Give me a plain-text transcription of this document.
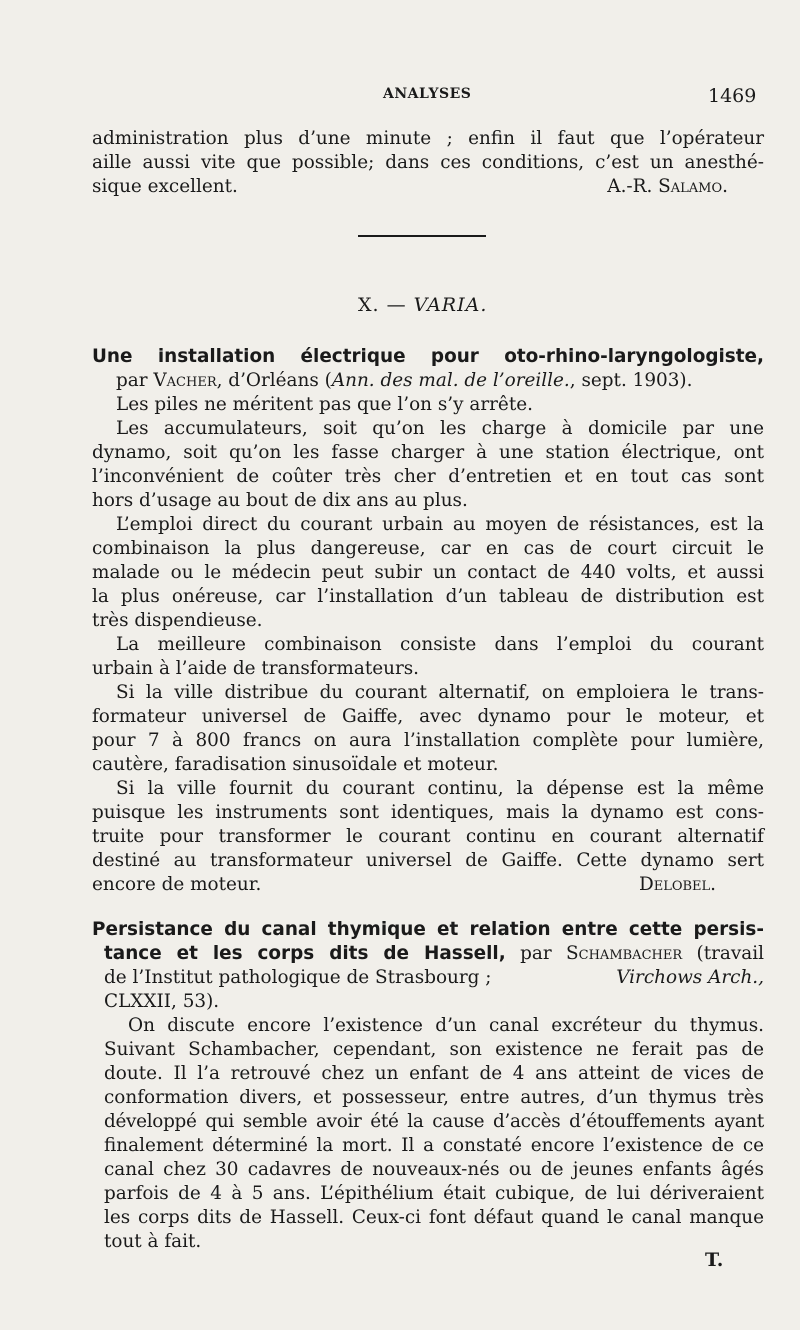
ANALYSES	1469

administration plus d’une minute ; enfin il faut que l’opérateur

aille aussi vite que possible; dans ces conditions, c’est un anesthé-

sique excellent.	A.-R. Salamo.
X. — VARIA.

Une installation électrique pour oto-rhino-laryngologiste,

par Vacher, d’Orléans (Ann. des mal. de l’oreille., sept. 1903).

Les piles ne méritent pas que l’on s’y arrête.

Les accumulateurs, soit qu’on les charge à domicile par une

dynamo, soit qu’on les fasse charger à une station électrique, ont

l’inconvénient de coûter très cher d’entretien et en tout cas sont

hors d’usage au bout de dix ans au plus.

L’emploi direct du courant urbain au moyen de résistances, est la

combinaison la plus dangereuse, car en cas de court circuit le

malade ou le médecin peut subir un contact de 440 volts, et aussi

la plus onéreuse, car l’installation d’un tableau de distribution est

très dispendieuse.

La meilleure combinaison consiste dans l’emploi du courant

urbain à l’aide de transformateurs.

Si la ville distribue du courant alternatif, on emploiera le trans-

formateur universel de Gaiffe, avec dynamo pour le moteur, et

pour 7 à 800 francs on aura l’installation complète pour lumière,

cautère, faradisation sinusoïdale et moteur.

Si la ville fournit du courant continu, la dépense est la même

puisque les instruments sont identiques, mais la dynamo est cons-

truite pour transformer le courant continu en courant alternatif

destiné au transformateur universel de Gaiffe. Cette dynamo sert

encore de moteur.	Delobel.

Persistance du canal thymique et relation entre cette persis-

tance et les corps dits de Hassell, par Schambacher (travail

de l’Institut pathologique de Strasbourg ;	Virchows Arch.,

CLXXII, 53).

On discute encore l’existence d’un canal excréteur du thymus.

Suivant Schambacher, cependant, son existence ne ferait pas de

doute. Il l’a retrouvé chez un enfant de 4 ans atteint de vices de

conformation divers, et possesseur, entre autres, d’un thymus très

développé qui semble avoir été la cause d’accès d’étouffements ayant

finalement déterminé la mort. Il a constaté encore l’existence de ce

canal chez 30 cadavres de nouveaux-nés ou de jeunes enfants âgés

parfois de 4 à 5 ans. L’épithélium était cubique, de lui dériveraient

les corps dits de Hassell. Ceux-ci font défaut quand le canal manque

tout à fait.

T.
